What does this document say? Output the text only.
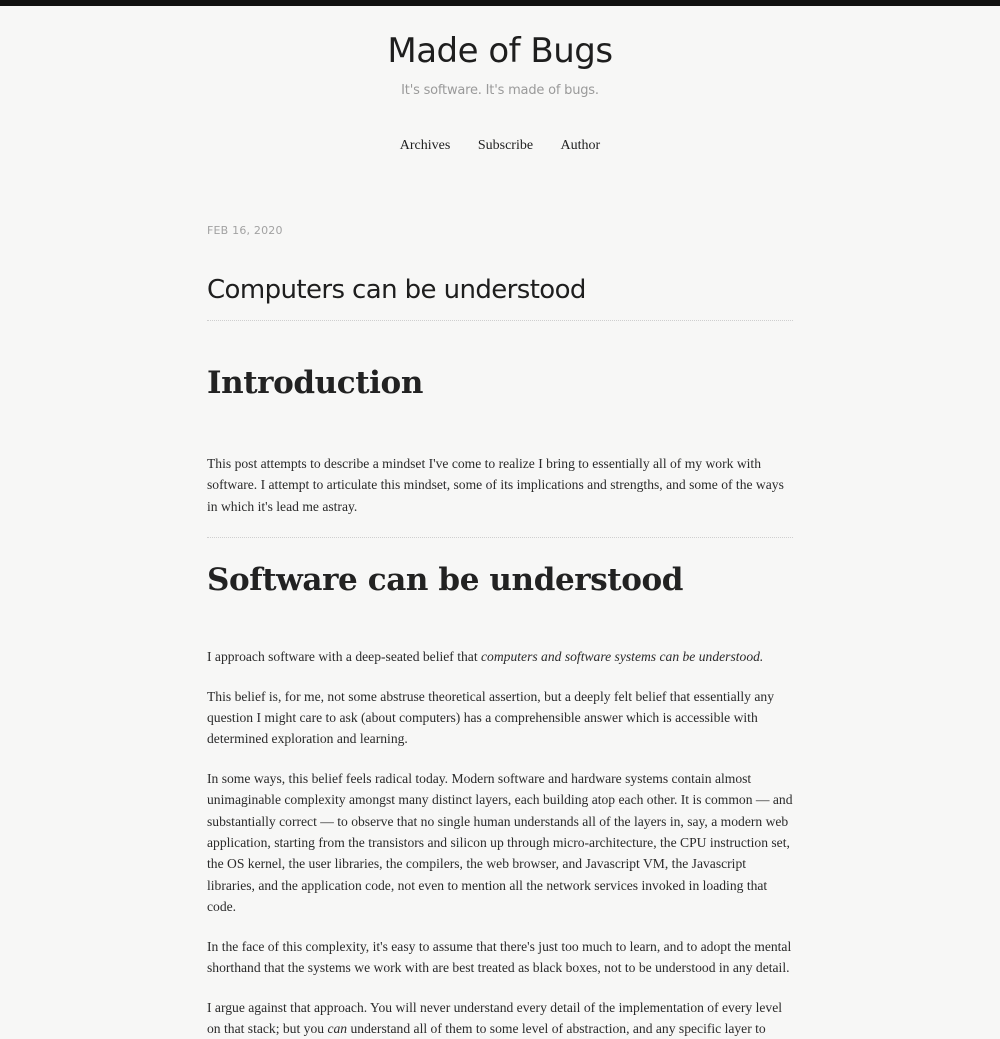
Made of Bugs
It's software. It's made of bugs.
Archives Subscribe Author
FEB 16, 2020
Computers can be understood
Introduction

This post attempts to describe a mindset I've come to realize I bring to essentially all of my work with software. I attempt to articulate this mindset, some of its implications and strengths, and some of the ways in which it's lead me astray.

Software can be understood

I approach software with a deep-seated belief that computers and software systems can be understood.

This belief is, for me, not some abstruse theoretical assertion, but a deeply felt belief that essentially any question I might care to ask (about computers) has a comprehensible answer which is accessible with determined exploration and learning.

In some ways, this belief feels radical today. Modern software and hardware systems contain almost unimaginable complexity amongst many distinct layers, each building atop each other. It is common — and substantially correct — to observe that no single human understands all of the layers in, say, a modern web application, starting from the transistors and silicon up through micro-architecture, the CPU instruction set, the OS kernel, the user libraries, the compilers, the web browser, and Javascript VM, the Javascript libraries, and the application code, not even to mention all the network services invoked in loading that code.

In the face of this complexity, it's easy to assume that there's just too much to learn, and to adopt the mental shorthand that the systems we work with are best treated as black boxes, not to be understood in any detail.

I argue against that approach. You will never understand every detail of the implementation of every level on that stack; but you can understand all of them to some level of abstraction, and any specific layer to
